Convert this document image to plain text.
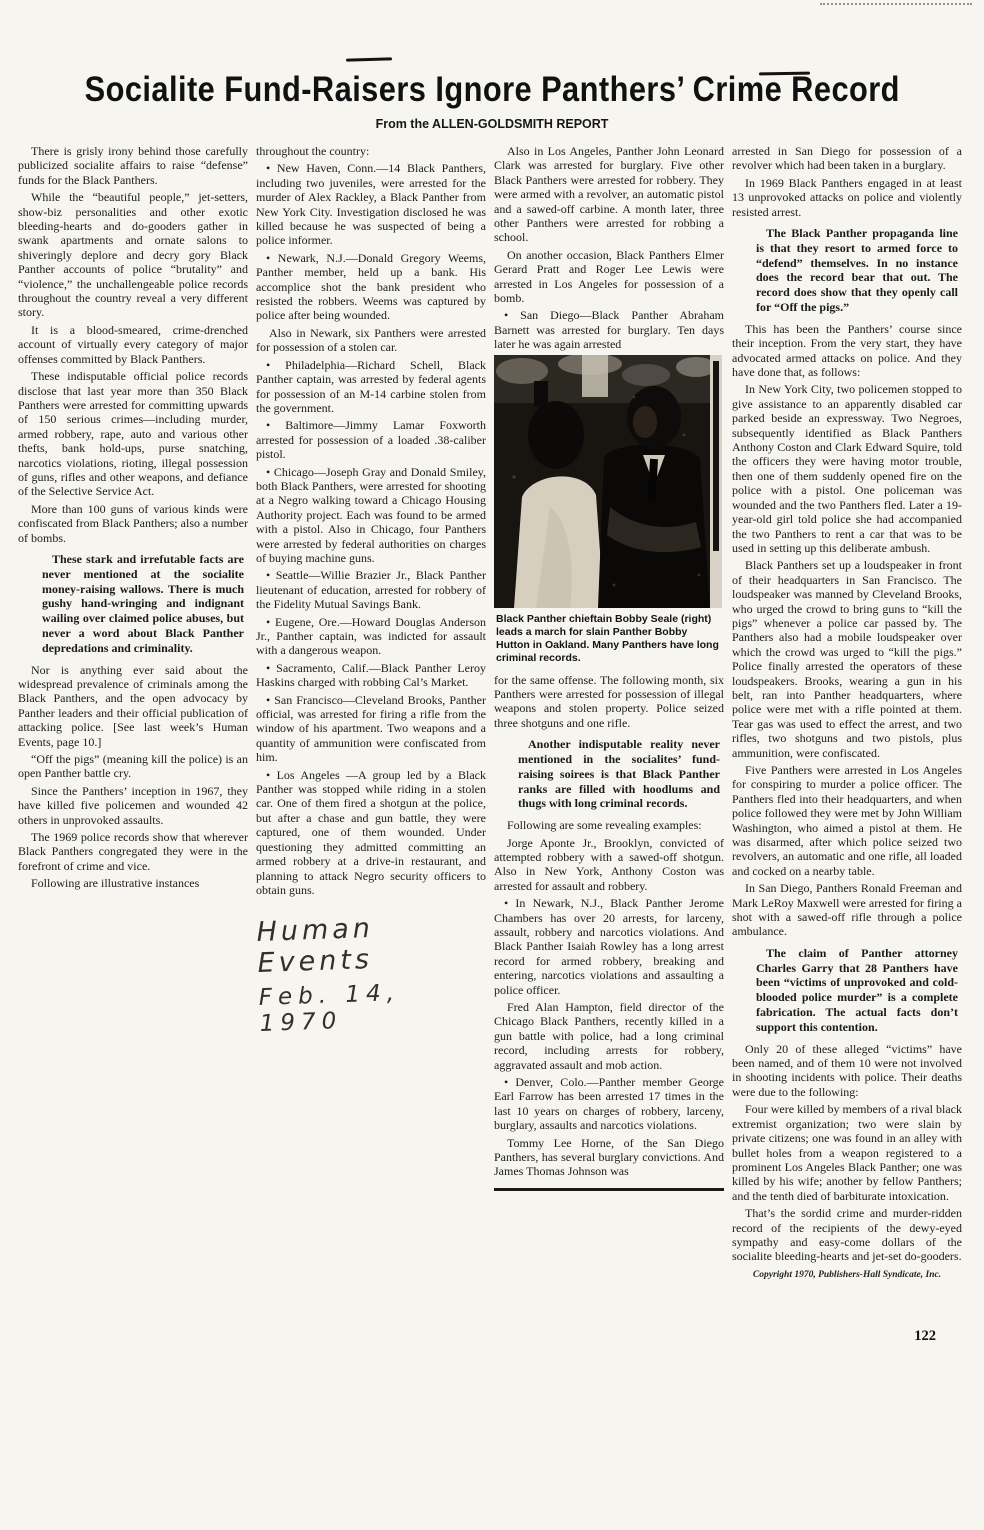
Socialite Fund-Raisers Ignore Panthers’ Crime Record
From the ALLEN-GOLDSMITH REPORT

There is grisly irony behind those carefully publicized socialite affairs to raise “defense” funds for the Black Panthers.

While the “beautiful people,” jet-setters, show-biz personalities and other exotic bleeding-hearts and do-gooders gather in swank apartments and ornate salons to shiveringly deplore and decry gory Black Panther accounts of police “brutality” and “violence,” the unchallengeable police records throughout the country reveal a very different story.

It is a blood-smeared, crime-drenched account of virtually every category of major offenses committed by Black Panthers.

These indisputable official police records disclose that last year more than 350 Black Panthers were arrested for committing upwards of 150 serious crimes—including murder, armed robbery, rape, auto and various other thefts, bank hold-ups, purse snatching, narcotics violations, rioting, illegal possession of guns, rifles and other weapons, and defiance of the Selective Service Act.

More than 100 guns of various kinds were confiscated from Black Panthers; also a number of bombs.

These stark and irrefutable facts are never mentioned at the socialite money-raising wallows. There is much gushy hand-wringing and indignant wailing over claimed police abuses, but never a word about Black Panther depredations and criminality.

Nor is anything ever said about the widespread prevalence of criminals among the Black Panthers, and the open advocacy by Panther leaders and their official publication of attacking police. [See last week’s Human Events, page 10.]

“Off the pigs” (meaning kill the police) is an open Panther battle cry.

Since the Panthers’ inception in 1967, they have killed five policemen and wounded 42 others in unprovoked assaults.

The 1969 police records show that wherever Black Panthers congregated they were in the forefront of crime and vice.

Following are illustrative instances

throughout the country:

• New Haven, Conn.—14 Black Panthers, including two juveniles, were arrested for the murder of Alex Rackley, a Black Panther from New York City. Investigation disclosed he was killed because he was suspected of being a police informer.

• Newark, N.J.—Donald Gregory Weems, Panther member, held up a bank. His accomplice shot the bank president who resisted the robbers. Weems was captured by police after being wounded.

Also in Newark, six Panthers were arrested for possession of a stolen car.

• Philadelphia—Richard Schell, Black Panther captain, was arrested by federal agents for possession of an M-14 carbine stolen from the government.

• Baltimore—Jimmy Lamar Foxworth arrested for possession of a loaded .38-caliber pistol.

• Chicago—Joseph Gray and Donald Smiley, both Black Panthers, were arrested for shooting at a Negro walking toward a Chicago Housing Authority project. Each was found to be armed with a pistol. Also in Chicago, four Panthers were arrested by federal authorities on charges of buying machine guns.

• Seattle—Willie Brazier Jr., Black Panther lieutenant of education, arrested for robbery of the Fidelity Mutual Savings Bank.

• Eugene, Ore.—Howard Douglas Anderson Jr., Panther captain, was indicted for assault with a dangerous weapon.

• Sacramento, Calif.—Black Panther Leroy Haskins charged with robbing Cal’s Market.

• San Francisco—Cleveland Brooks, Panther official, was arrested for firing a rifle from the window of his apartment. Two weapons and a quantity of ammunition were confiscated from him.

• Los Angeles —A group led by a Black Panther was stopped while riding in a stolen car. One of them fired a shotgun at the police, but after a chase and gun battle, they were captured, one of them wounded. Under questioning they admitted committing an armed robbery at a drive-in restaurant, and planning to attack Negro security officers to obtain guns.

Human Events
Feb. 14, 1970

Also in Los Angeles, Panther John Leonard Clark was arrested for burglary. Five other Black Panthers were arrested for robbery. They were armed with a revolver, an automatic pistol and a sawed-off carbine. A month later, three other Panthers were arrested for robbing a school.

On another occasion, Black Panthers Elmer Gerard Pratt and Roger Lee Lewis were arrested in Los Angeles for possession of a bomb.

• San Diego—Black Panther Abraham Barnett was arrested for burglary. Ten days later he was again arrested

Black Panther chieftain Bobby Seale (right) leads a march for slain Panther Bobby Hutton in Oakland. Many Panthers have long criminal records.

for the same offense. The following month, six Panthers were arrested for possession of illegal weapons and stolen property. Police seized three shotguns and one rifle.

Another indisputable reality never mentioned in the socialites’ fund-raising soirees is that Black Panther ranks are filled with hoodlums and thugs with long criminal records.

Following are some revealing examples:

Jorge Aponte Jr., Brooklyn, convicted of attempted robbery with a sawed-off shotgun. Also in New York, Anthony Coston was arrested for assault and robbery.

• In Newark, N.J., Black Panther Jerome Chambers has over 20 arrests, for larceny, assault, robbery and narcotics violations. And Black Panther Isaiah Rowley has a long arrest record for armed robbery, breaking and entering, narcotics violations and assaulting a police officer.

Fred Alan Hampton, field director of the Chicago Black Panthers, recently killed in a gun battle with police, had a long criminal record, including arrests for robbery, aggravated assault and mob action.

• Denver, Colo.—Panther member George Earl Farrow has been arrested 17 times in the last 10 years on charges of robbery, larceny, burglary, assaults and narcotics violations.

Tommy Lee Horne, of the San Diego Panthers, has several burglary convictions. And James Thomas Johnson was

arrested in San Diego for possession of a revolver which had been taken in a burglary.

In 1969 Black Panthers engaged in at least 13 unprovoked attacks on police and violently resisted arrest.

The Black Panther propaganda line is that they resort to armed force to “defend” themselves. In no instance does the record bear that out. The record does show that they openly call for “Off the pigs.”

This has been the Panthers’ course since their inception. From the very start, they have advocated armed attacks on police. And they have done that, as follows:

In New York City, two policemen stopped to give assistance to an apparently disabled car parked beside an expressway. Two Negroes, subsequently identified as Black Panthers Anthony Coston and Clark Edward Squire, told the officers they were having motor trouble, then one of them suddenly opened fire on the police with a pistol. One policeman was wounded and the two Panthers fled. Later a 19-year-old girl told police she had accompanied the two Panthers to rent a car that was to be used in setting up this deliberate ambush.

Black Panthers set up a loudspeaker in front of their headquarters in San Francisco. The loudspeaker was manned by Cleveland Brooks, who urged the crowd to bring guns to “kill the pigs” whenever a police car passed by. The Panthers also had a mobile loudspeaker over which the crowd was urged to “kill the pigs.” Police finally arrested the operators of these loudspeakers. Brooks, wearing a gun in his belt, ran into Panther headquarters, where police were met with a rifle pointed at them. Tear gas was used to effect the arrest, and two rifles, two shotguns and two pistols, plus ammunition, were confiscated.

Five Panthers were arrested in Los Angeles for conspiring to murder a police officer. The Panthers fled into their headquarters, and when police followed they were met by John William Washington, who aimed a pistol at them. He was disarmed, after which police seized two revolvers, an automatic and one rifle, all loaded and cocked on a nearby table.

In San Diego, Panthers Ronald Freeman and Mark LeRoy Maxwell were arrested for firing a shot with a sawed-off rifle through a police ambulance.

The claim of Panther attorney Charles Garry that 28 Panthers have been “victims of unprovoked and cold-blooded police murder” is a complete fabrication. The actual facts don’t support this contention.

Only 20 of these alleged “victims” have been named, and of them 10 were not involved in shooting incidents with police. Their deaths were due to the following:

Four were killed by members of a rival black extremist organization; two were slain by private citizens; one was found in an alley with bullet holes from a weapon registered to a prominent Los Angeles Black Panther; one was killed by his wife; another by fellow Panthers; and the tenth died of barbiturate intoxication.

That’s the sordid crime and murder-ridden record of the recipients of the dewy-eyed sympathy and easy-come dollars of the socialite bleeding-hearts and jet-set do-gooders.

Copyright 1970, Publishers-Hall Syndicate, Inc.

122
